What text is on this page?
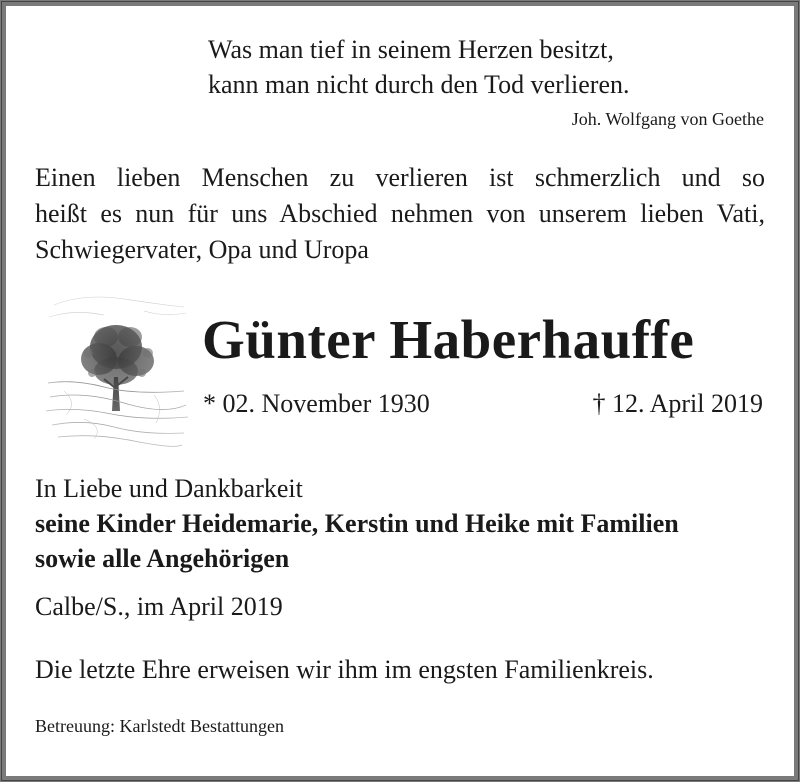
Was man tief in seinem Herzen besitzt,
kann man nicht durch den Tod verlieren.
Joh. Wolfgang von Goethe
Einen lieben Menschen zu verlieren ist schmerzlich und so
heißt es nun für uns Abschied nehmen von unserem lieben Vati,
Schwiegervater, Opa und Uropa
Günter Haberhauffe
* 02. November 1930	† 12. April 2019
In Liebe und Dankbarkeit
seine Kinder Heidemarie, Kerstin und Heike mit Familien
sowie alle Angehörigen
Calbe/S., im April 2019
Die letzte Ehre erweisen wir ihm im engsten Familienkreis.
Betreuung: Karlstedt Bestattungen
